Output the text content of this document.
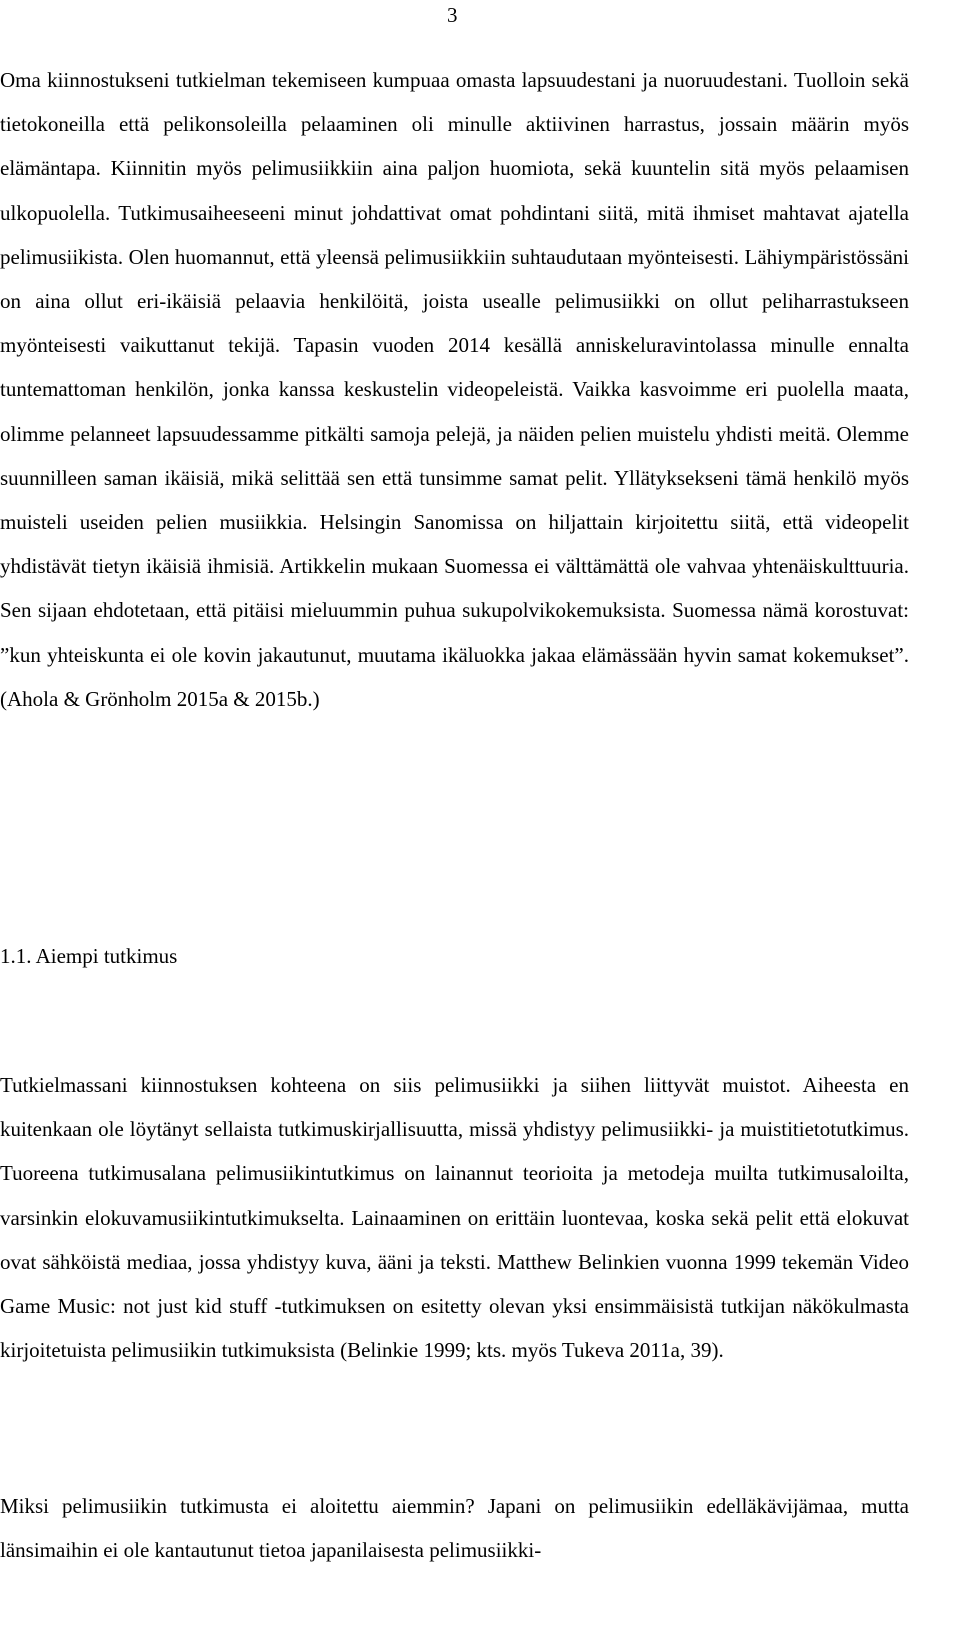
3

Oma kiinnostukseni tutkielman tekemiseen kumpuaa omasta lapsuudestani ja nuoruudestani. Tuolloin sekä tietokoneilla että pelikonsoleilla pelaaminen oli minulle aktiivinen harrastus, jossain määrin myös elämäntapa. Kiinnitin myös pelimusiikkiin aina paljon huomiota, sekä kuuntelin sitä myös pelaamisen ulkopuolella. Tutkimusaiheeseeni minut johdattivat omat pohdintani siitä, mitä ihmiset mahtavat ajatella pelimusiikista. Olen huomannut, että yleensä pelimusiikkiin suhtaudutaan myönteisesti. Lähiympäristössäni on aina ollut eri-ikäisiä pelaavia henkilöitä, joista usealle pelimusiikki on ollut peliharrastukseen myönteisesti vaikuttanut tekijä. Tapasin vuoden 2014 kesällä anniskeluravintolassa minulle ennalta tuntemattoman henkilön, jonka kanssa keskustelin videopeleistä. Vaikka kasvoimme eri puolella maata, olimme pelanneet lapsuudessamme pitkälti samoja pelejä, ja näiden pelien muistelu yhdisti meitä. Olemme suunnilleen saman ikäisiä, mikä selittää sen että tunsimme samat pelit. Yllätyksekseni tämä henkilö myös muisteli useiden pelien musiikkia. Helsingin Sanomissa on hiljattain kirjoitettu siitä, että videopelit yhdistävät tietyn ikäisiä ihmisiä. Artikkelin mukaan Suomessa ei välttämättä ole vahvaa yhtenäiskulttuuria. Sen sijaan ehdotetaan, että pitäisi mieluummin puhua sukupolvikokemuksista. Suomessa nämä korostuvat: ”kun yhteiskunta ei ole kovin jakautunut, muutama ikäluokka jakaa elämässään hyvin samat kokemukset”. (Ahola & Grönholm 2015a & 2015b.)

1.1. Aiempi tutkimus

Tutkielmassani kiinnostuksen kohteena on siis pelimusiikki ja siihen liittyvät muistot. Aiheesta en kuitenkaan ole löytänyt sellaista tutkimuskirjallisuutta, missä yhdistyy pelimusiikki- ja muistitietotutkimus. Tuoreena tutkimusalana pelimusiikintutkimus on lainannut teorioita ja metodeja muilta tutkimusaloilta, varsinkin elokuvamusiikintutkimukselta. Lainaaminen on erittäin luontevaa, koska sekä pelit että elokuvat ovat sähköistä mediaa, jossa yhdistyy kuva, ääni ja teksti. Matthew Belinkien vuonna 1999 tekemän Video Game Music: not just kid stuff -tutkimuksen on esitetty olevan yksi ensimmäisistä tutkijan näkökulmasta kirjoitetuista pelimusiikin tutkimuksista (Belinkie 1999; kts. myös Tukeva 2011a, 39).

Miksi pelimusiikin tutkimusta ei aloitettu aiemmin? Japani on pelimusiikin edelläkävijämaa, mutta länsimaihin ei ole kantautunut tietoa japanilaisesta pelimusiikki-
